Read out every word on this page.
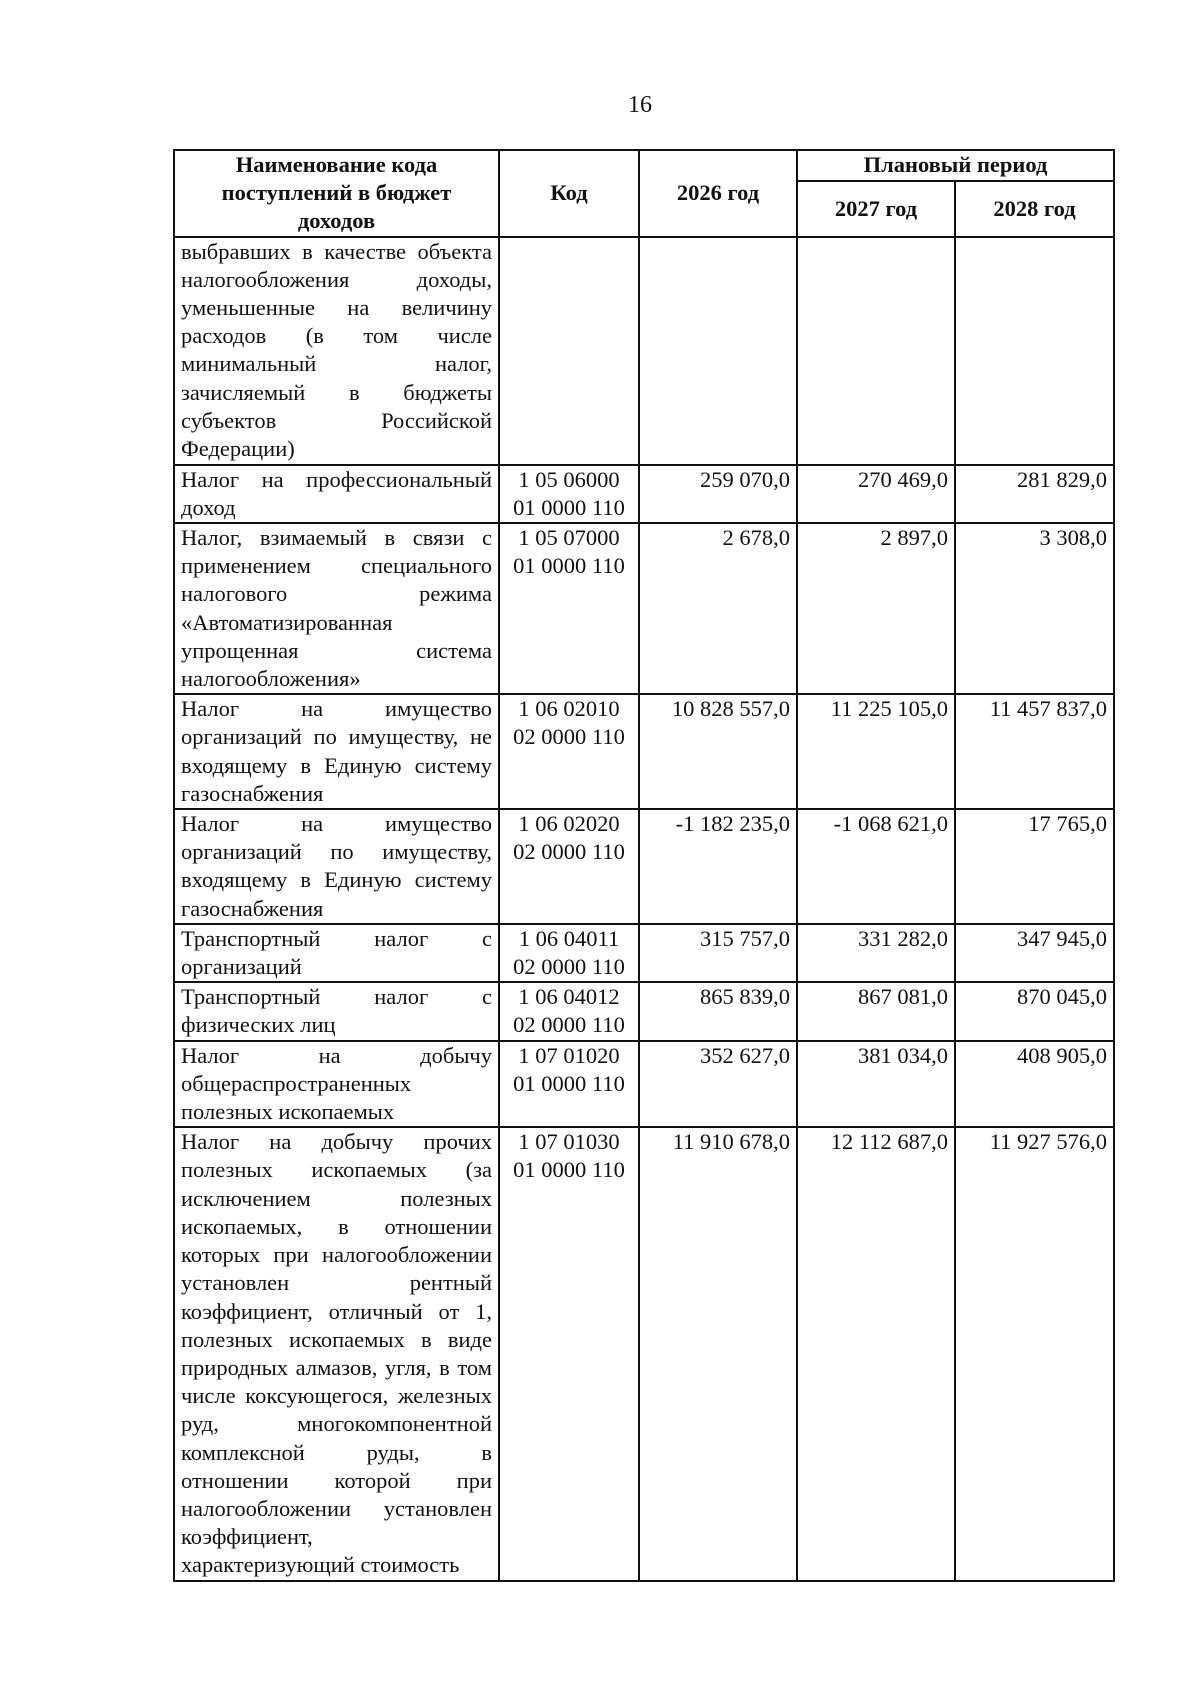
16
Наименование кода поступлений в бюджет доходов	Код	2026 год	Плановый период	
			2027 год	2028 год
выбравших в качестве объекта налогообложения доходы, уменьшенные на величину расходов (в том числе минимальный налог, зачисляемый в бюджеты субъектов Российской Федерации)				
Налог на профессиональный доход	1 05 06000 01 0000 110	259 070,0	270 469,0	281 829,0
Налог, взимаемый в связи с применением специального налогового режима «Автоматизированная упрощенная система налогообложения»	1 05 07000 01 0000 110	2 678,0	2 897,0	3 308,0
Налог на имущество организаций по имуществу, не входящему в Единую систему газоснабжения	1 06 02010 02 0000 110	10 828 557,0	11 225 105,0	11 457 837,0
Налог на имущество организаций по имуществу, входящему в Единую систему газоснабжения	1 06 02020 02 0000 110	-1 182 235,0	-1 068 621,0	17 765,0
Транспортный налог с организаций	1 06 04011 02 0000 110	315 757,0	331 282,0	347 945,0
Транспортный налог с физических лиц	1 06 04012 02 0000 110	865 839,0	867 081,0	870 045,0
Налог на добычу общераспространенных полезных ископаемых	1 07 01020 01 0000 110	352 627,0	381 034,0	408 905,0
Налог на добычу прочих полезных ископаемых (за исключением полезных ископаемых, в отношении которых при налогообложении установлен рентный коэффициент, отличный от 1, полезных ископаемых в виде природных алмазов, угля, в том числе коксующегося, железных руд, многокомпонентной комплексной руды, в отношении которой при налогообложении установлен коэффициент, характеризующий стоимость	1 07 01030 01 0000 110	11 910 678,0	12 112 687,0	11 927 576,0
